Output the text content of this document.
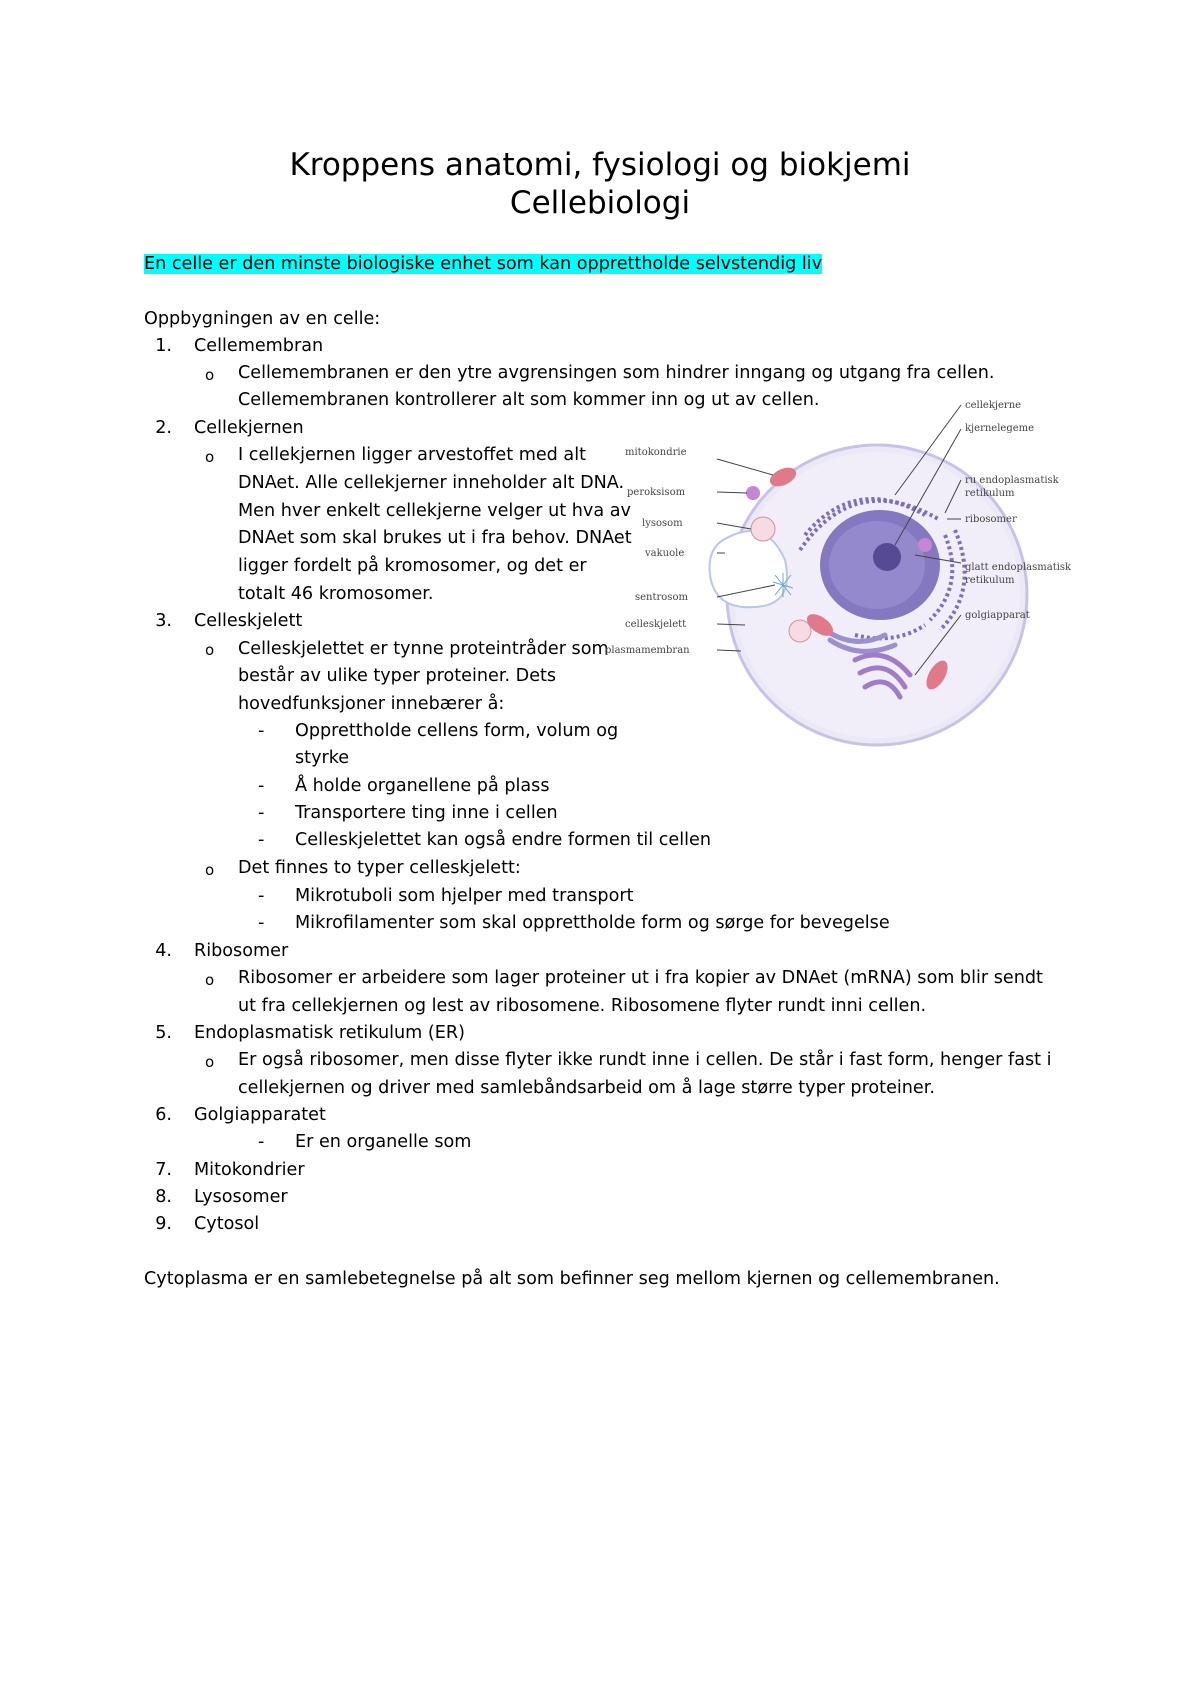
Kroppens anatomi, fysiologi og biokjemi
Cellebiologi
En celle er den minste biologiske enhet som kan opprettholde selvstendig liv
Oppbygningen av en celle:
1. Cellemembran
o Cellemembranen er den ytre avgrensingen som hindrer inngang og utgang fra cellen.
Cellemembranen kontrollerer alt som kommer inn og ut av cellen.
2. Cellekjernen
o I cellekjernen ligger arvestoffet med alt
DNAet. Alle cellekjerner inneholder alt DNA.
Men hver enkelt cellekjerne velger ut hva av
DNAet som skal brukes ut i fra behov. DNAet
ligger fordelt på kromosomer, og det er
totalt 46 kromosomer.
3. Celleskjelett
o Celleskjelettet er tynne proteintråder som
består av ulike typer proteiner. Dets
hovedfunksjoner innebærer å:
- Opprettholde cellens form, volum og
styrke
- Å holde organellene på plass
- Transportere ting inne i cellen
- Celleskjelettet kan også endre formen til cellen
o Det finnes to typer celleskjelett:
- Mikrotuboli som hjelper med transport
- Mikrofilamenter som skal opprettholde form og sørge for bevegelse
4. Ribosomer
o Ribosomer er arbeidere som lager proteiner ut i fra kopier av DNAet (mRNA) som blir sendt
ut fra cellekjernen og lest av ribosomene. Ribosomene flyter rundt inni cellen.
5. Endoplasmatisk retikulum (ER)
o Er også ribosomer, men disse flyter ikke rundt inne i cellen. De står i fast form, henger fast i
cellekjernen og driver med samlebåndsarbeid om å lage større typer proteiner.
6. Golgiapparatet
- Er en organelle som
7. Mitokondrier
8. Lysosomer
9. Cytosol
Cytoplasma er en samlebetegnelse på alt som befinner seg mellom kjernen og cellemembranen.
mitokondrie
peroksisom
lysosom
vakuole
sentrosom
celleskjelett
plasmamembran
cellekjerne
kjernelegeme
ru endoplasmatisk
retikulum
ribosomer
glatt endoplasmatisk
retikulum
golgiapparat
